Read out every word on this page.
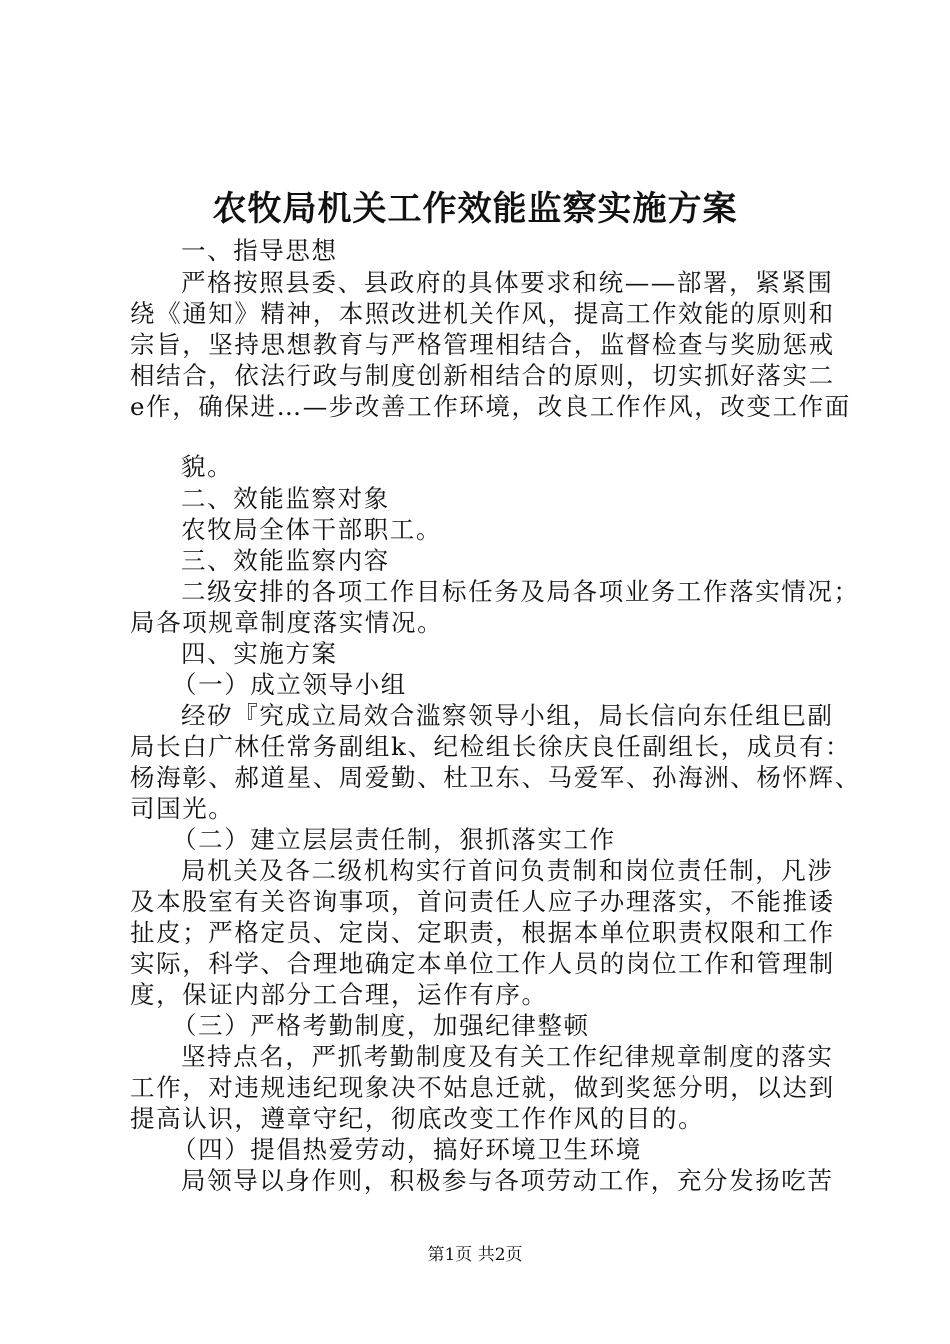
农牧局机关工作效能监察实施方案
一、指导思想
严格按照县委、县政府的具体要求和统——部署，紧紧围
绕《通知》精神，本照改进机关作风，提高工作效能的原则和
宗旨，坚持思想教育与严格管理相结合，监督检查与奖励惩戒
相结合，依法行政与制度创新相结合的原则，切实抓好落实二
e作，确保进…—步改善工作环境，改良工作作风，改变工作面
貌。
二、效能监察对象
农牧局全体干部职工。
三、效能监察内容
二级安排的各项工作目标任务及局各项业务工作落实情况；
局各项规章制度落实情况。
四、实施方案
（一）成立领导小组
经矽『究成立局效合滥察领导小组，局长信向东任组巳副
局长白广林任常务副组k、纪检组长徐庆良任副组长，成员有：
杨海彰、郝道星、周爱勤、杜卫东、马爱军、孙海洲、杨怀辉、
司国光。
（二）建立层层责任制，狠抓落实工作
局机关及各二级机构实行首问负责制和岗位责任制，凡涉
及本股室有关咨询事项，首问责任人应子办理落实，不能推诿
扯皮；严格定员、定岗、定职责，根据本单位职责权限和工作
实际，科学、合理地确定本单位工作人员的岗位工作和管理制
度，保证内部分工合理，运作有序。
（三）严格考勤制度，加强纪律整顿
坚持点名，严抓考勤制度及有关工作纪律规章制度的落实
工作，对违规违纪现象决不姑息迁就，做到奖惩分明，以达到
提高认识，遵章守纪，彻底改变工作作风的目的。
（四）提倡热爱劳动，搞好环境卫生环境
局领导以身作则，积极参与各项劳动工作，充分发扬吃苦
第1页 共2页
